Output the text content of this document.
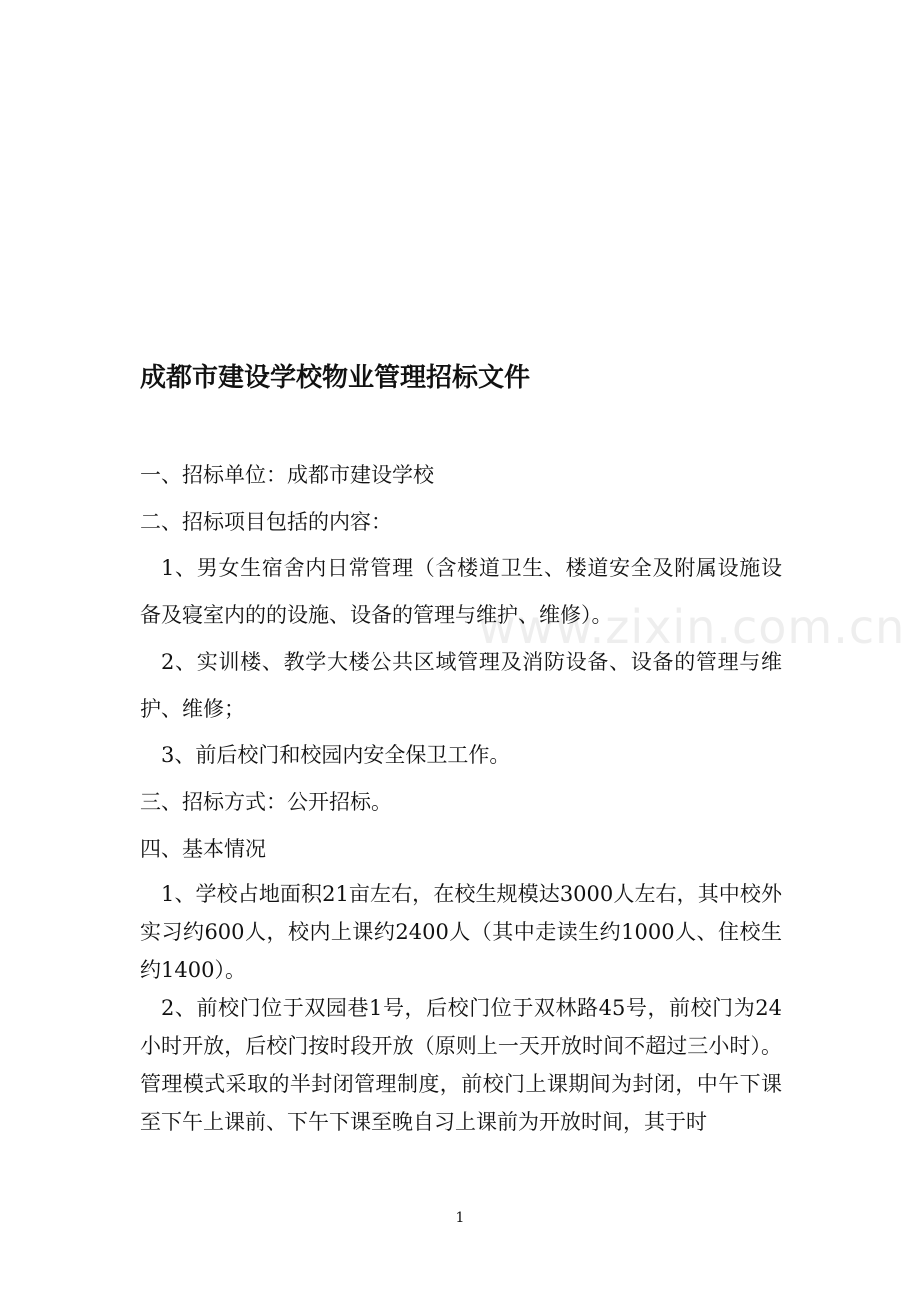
www.zixin.com.cn
成都市建设学校物业管理招标文件

一、招标单位：成都市建设学校

二、招标项目包括的内容：

1、男女生宿舍内日常管理（含楼道卫生、楼道安全及附属设施设备及寝室内的的设施、设备的管理与维护、维修）。

2、实训楼、教学大楼公共区域管理及消防设备、设备的管理与维护、维修；

3、前后校门和校园内安全保卫工作。

三、招标方式：公开招标。

四、基本情况

1、学校占地面积21亩左右，在校生规模达3000人左右，其中校外实习约600人，校内上课约2400人（其中走读生约1000人、住校生约1400）。

2、前校门位于双园巷1号，后校门位于双林路45号，前校门为24小时开放，后校门按时段开放（原则上一天开放时间不超过三小时）。管理模式采取的半封闭管理制度，前校门上课期间为封闭，中午下课至下午上课前、下午下课至晚自习上课前为开放时间，其于时

1
